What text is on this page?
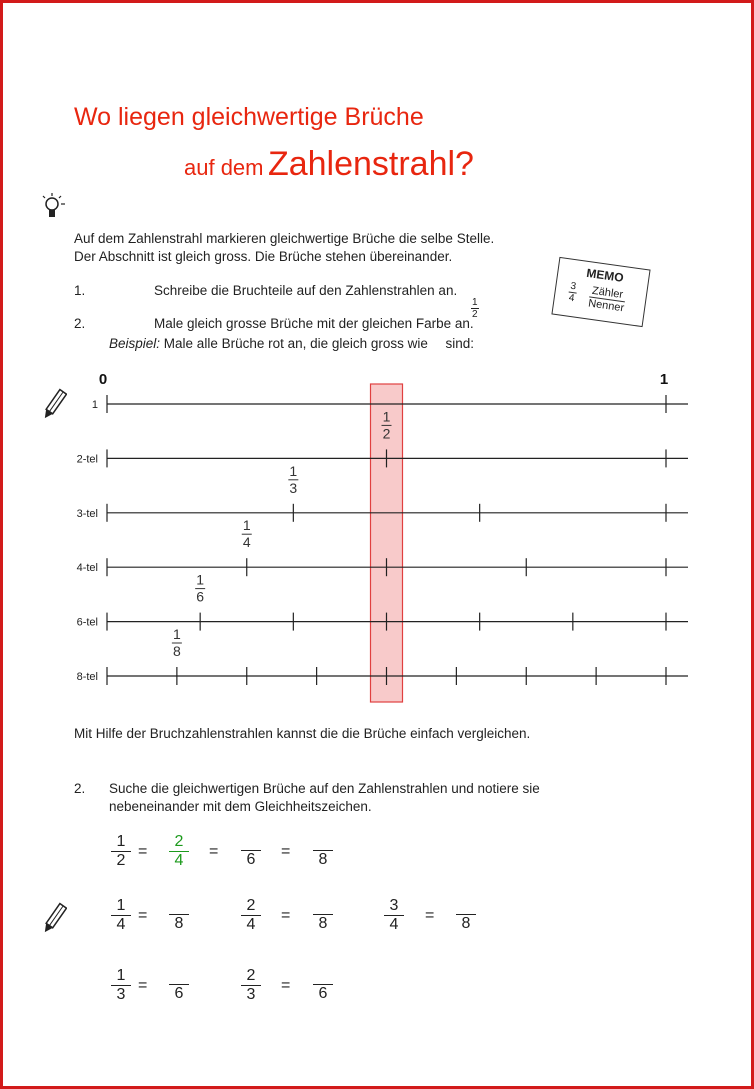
Wo liegen gleichwertige Brüche
auf dem Zahlenstrahl?
Auf dem Zahlenstrahl markieren gleichwertige Brüche die selbe Stelle.
Der Abschnitt ist gleich gross. Die Brüche stehen übereinander.
1.	Schreibe die Bruchteile auf den Zahlenstrahlen an.
2.	Male gleich grosse Brüche mit der gleichen Farbe an.
$\frac{1}{2}$
Beispiel: Male alle Brüche rot an, die gleich gross wie sind:
MEMO
$\frac{3}{4}$ Zähler
Nenner
0	1
1
2-tel
1
2
3-tel
1
3
4-tel
1
4
6-tel
1
6
8-tel
1
8
Mit Hilfe der Bruchzahlenstrahlen kannst die die Brüche einfach vergleichen.
2. Suche die gleichwertigen Brüche auf den Zahlenstrahlen und notiere sie
nebeneinander mit dem Gleichheitszeichen.
$\frac{1}{2} = \frac{2}{4}$ =	6	=	8
$\frac{1}{4}$ =	8	$\frac{2}{4}$ =	8	$\frac{3}{4}$ =	8
$\frac{1}{3}$ =	6	$\frac{2}{3}$ =	6
